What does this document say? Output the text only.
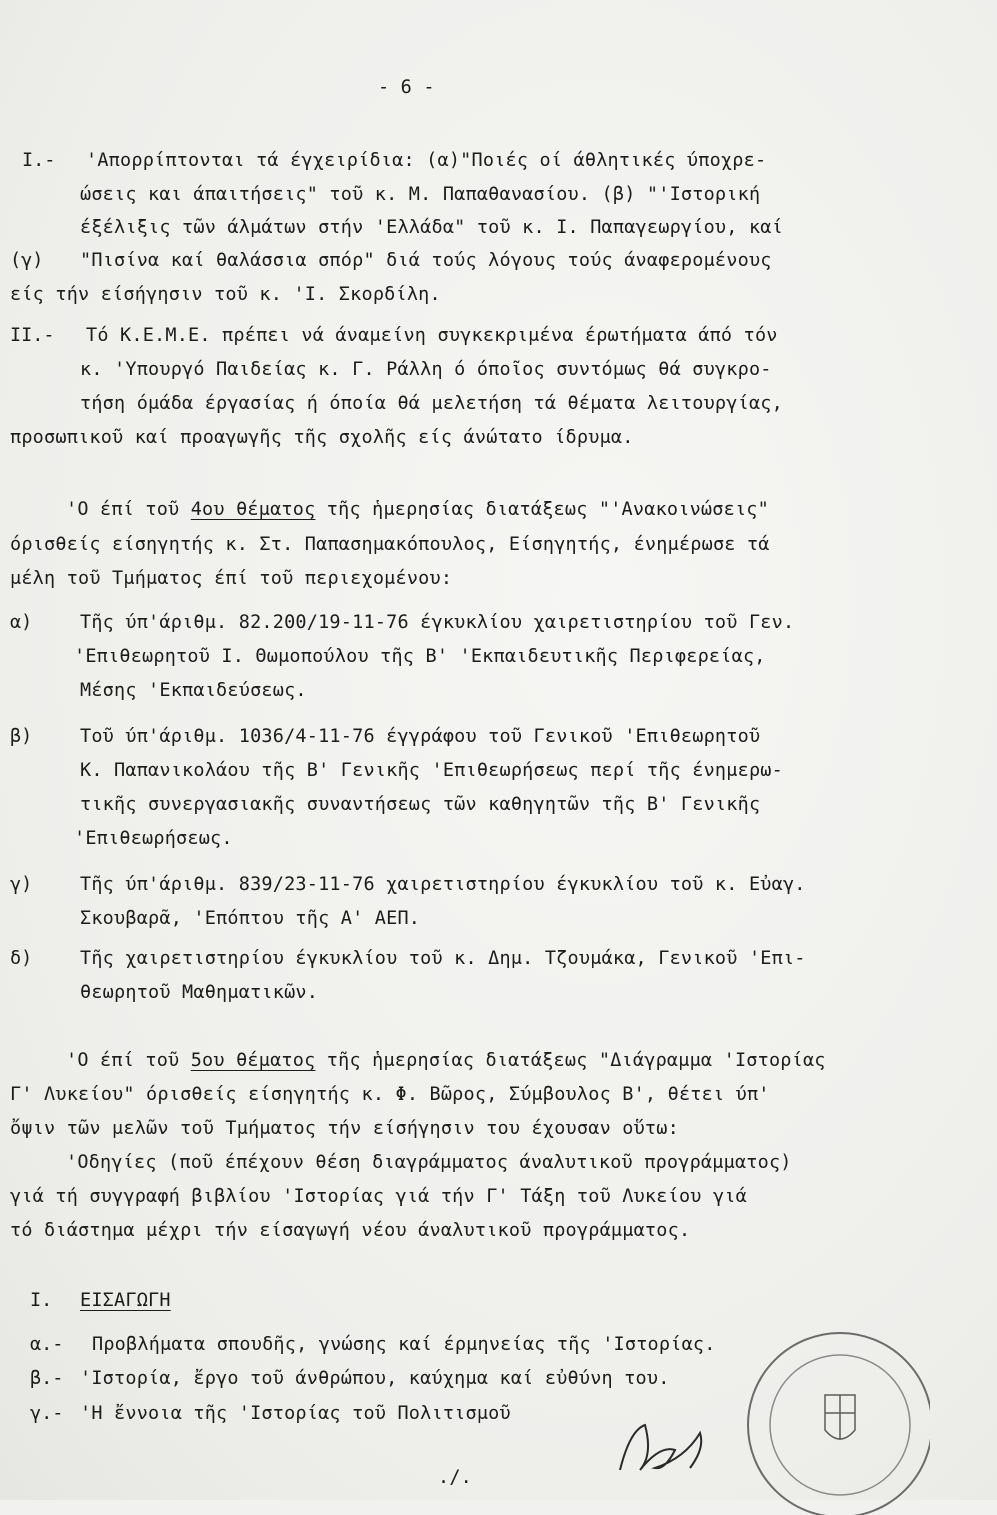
- 6 -
Ι.- 'Απορρίπτονται τά έγχειρίδια: (α)"Ποιές οί άθλητικές ύποχρε-
ώσεις και άπαιτήσεις" τοῦ κ. Μ. Παπαθανασίου. (β) "'Ιστορική
έξέλιξις τῶν άλμάτων στήν 'Ελλάδα" τοῦ κ. Ι. Παπαγεωργίου, καί
(γ) "Πισίνα καί θαλάσσια σπόρ" διά τούς λόγους τούς άναφερομένους
είς τήν είσήγησιν τοῦ κ. 'Ι. Σκορδίλη.
ΙΙ.- Τό Κ.Ε.Μ.Ε. πρέπει νά άναμείνη συγκεκριμένα έρωτήματα άπό τόν
κ. 'Υπουργό Παιδείας κ. Γ. Ράλλη ό όποῖος συντόμως θά συγκρο-
τήση όμάδα έργασίας ή όποία θά μελετήση τά θέματα λειτουργίας,
προσωπικοῦ καί προαγωγῆς τῆς σχολῆς είς άνώτατο ίδρυμα.
'Ο έπί τοῦ 4ου θέματος τῆς ἡμερησίας διατάξεως "'Ανακοινώσεις"
όρισθείς είσηγητής κ. Στ. Παπασημακόπουλος, Είσηγητής, ένημέρωσε τά
μέλη τοῦ Τμήματος έπί τοῦ περιεχομένου:
α)	Τῆς ύπ'άριθμ. 82.200/19-11-76 έγκυκλίου χαιρετιστηρίου τοῦ Γεν.
'Επιθεωρητοῦ Ι. Θωμοπούλου τῆς Β' 'Εκπαιδευτικῆς Περιφερείας,
Μέσης 'Εκπαιδεύσεως.
β)	Τοῦ ύπ'άριθμ. 1036/4-11-76 έγγράφου τοῦ Γενικοῦ 'Επιθεωρητοῦ
Κ. Παπανικολάου τῆς Β' Γενικῆς 'Επιθεωρήσεως περί τῆς ένημερω-
τικῆς συνεργασιακῆς συναντήσεως τῶν καθηγητῶν τῆς Β' Γενικῆς
'Επιθεωρήσεως.
γ)	Τῆς ύπ'άριθμ. 839/23-11-76 χαιρετιστηρίου έγκυκλίου τοῦ κ. Εὐαγ.
Σκουβαρᾶ, 'Επόπτου τῆς Α' ΑΕΠ.
δ)	Τῆς χαιρετιστηρίου έγκυκλίου τοῦ κ. Δημ. Τζουμάκα, Γενικοῦ 'Επι-
θεωρητοῦ Μαθηματικῶν.
'Ο έπί τοῦ 5ου θέματος τῆς ἡμερησίας διατάξεως "Διάγραμμα 'Ιστορίας
Γ' Λυκείου" όρισθείς είσηγητής κ. Φ. Βῶρος, Σύμβουλος Β', θέτει ύπ'
ὄψιν τῶν μελῶν τοῦ Τμήματος τήν είσήγησιν του έχουσαν οὕτω:
'Οδηγίες (ποῦ έπέχουν θέση διαγράμματος άναλυτικοῦ προγράμματος)
γιά τή συγγραφή βιβλίου 'Ιστορίας γιά τήν Γ' Τάξη τοῦ Λυκείου γιά
τό διάστημα μέχρι τήν είσαγωγή νέου άναλυτικοῦ προγράμματος.
Ι. ΕΙΣΑΓΩΓΗ
α.- Προβλήματα σπουδῆς, γνώσης καί έρμηνείας τῆς 'Ιστορίας.
β.- 'Ιστορία, ἔργο τοῦ άνθρώπου, καύχημα καί εὐθύνη του.
γ.- 'Η ἔννοια τῆς 'Ιστορίας τοῦ Πολιτισμοῦ
./.
